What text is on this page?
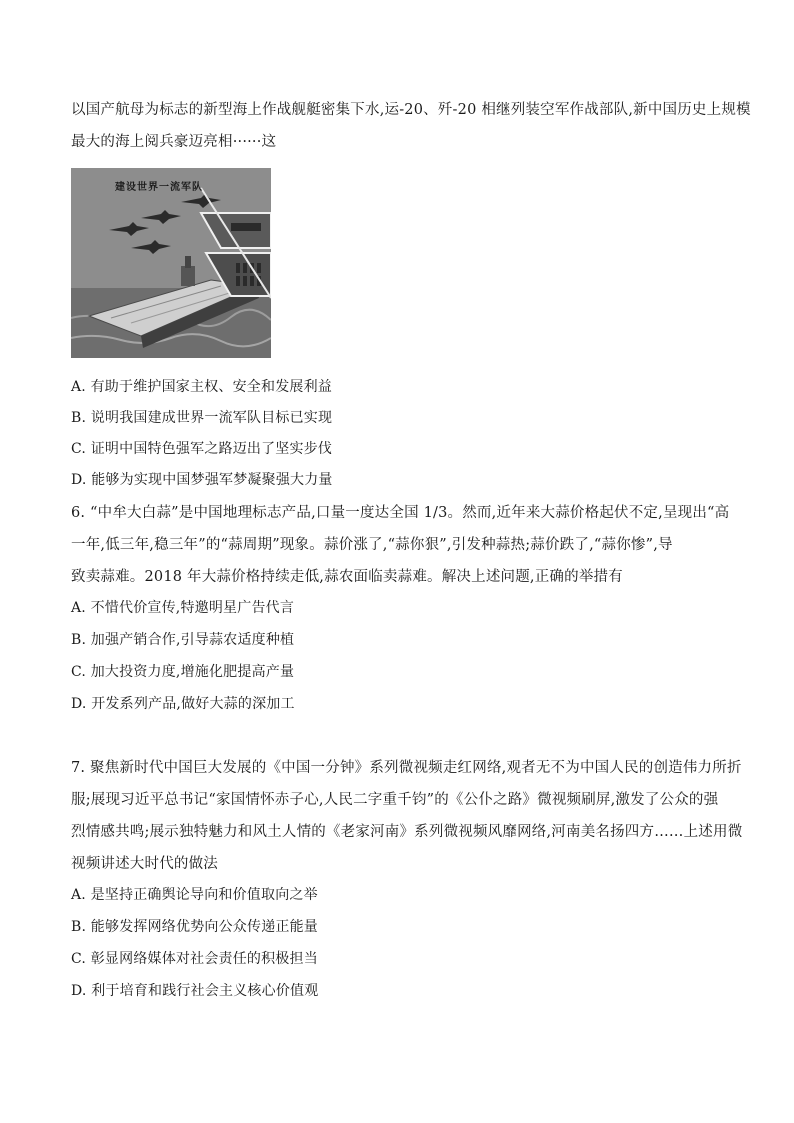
以国产航母为标志的新型海上作战舰艇密集下水,运-20、歼-20 相继列装空军作战部队,新中国历史上规模
最大的海上阅兵豪迈亮相······这
建设世界一流军队
A. 有助于维护国家主权、安全和发展利益
B. 说明我国建成世界一流军队目标已实现
C. 证明中国特色强军之路迈出了坚实步伐
D. 能够为实现中国梦强军梦凝聚强大力量
6. “中牟大白蒜”是中国地理标志产品,口量一度达全国 1/3。然而,近年来大蒜价格起伏不定,呈现出“高
一年,低三年,稳三年”的“蒜周期”现象。蒜价涨了,“蒜你狠”,引发种蒜热;蒜价跌了,“蒜你惨”,导
致卖蒜难。2018 年大蒜价格持续走低,蒜农面临卖蒜难。解决上述问题,正确的举措有
A. 不惜代价宣传,特邀明星广告代言
B. 加强产销合作,引导蒜农适度种植
C. 加大投资力度,增施化肥提高产量
D. 开发系列产品,做好大蒜的深加工
7. 聚焦新时代中国巨大发展的《中国一分钟》系列微视频走红网络,观者无不为中国人民的创造伟力所折
服;展现习近平总书记“家国情怀赤子心,人民二字重千钧”的《公仆之路》微视频刷屏,激发了公众的强
烈情感共鸣;展示独特魅力和风土人情的《老家河南》系列微视频风靡网络,河南美名扬四方……上述用微
视频讲述大时代的做法
A. 是坚持正确舆论导向和价值取向之举
B. 能够发挥网络优势向公众传递正能量
C. 彰显网络媒体对社会责任的积极担当
D. 利于培育和践行社会主义核心价值观
